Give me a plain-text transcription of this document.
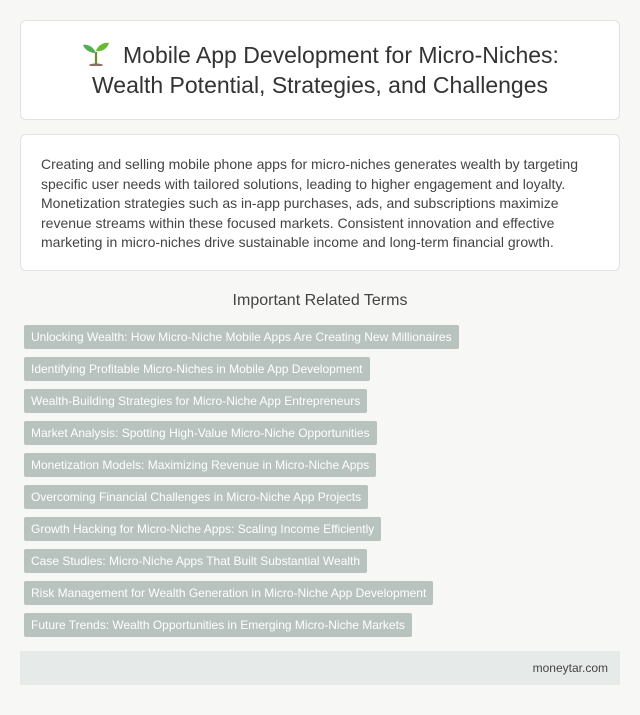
Mobile App Development for Micro-Niches: Wealth Potential, Strategies, and Challenges

Creating and selling mobile phone apps for micro-niches generates wealth by targeting specific user needs with tailored solutions, leading to higher engagement and loyalty. Monetization strategies such as in-app purchases, ads, and subscriptions maximize revenue streams within these focused markets. Consistent innovation and effective marketing in micro-niches drive sustainable income and long-term financial growth.

Important Related Terms
Unlocking Wealth: How Micro-Niche Mobile Apps Are Creating New Millionaires
Identifying Profitable Micro-Niches in Mobile App Development
Wealth-Building Strategies for Micro-Niche App Entrepreneurs
Market Analysis: Spotting High-Value Micro-Niche Opportunities
Monetization Models: Maximizing Revenue in Micro-Niche Apps
Overcoming Financial Challenges in Micro-Niche App Projects
Growth Hacking for Micro-Niche Apps: Scaling Income Efficiently
Case Studies: Micro-Niche Apps That Built Substantial Wealth
Risk Management for Wealth Generation in Micro-Niche App Development
Future Trends: Wealth Opportunities in Emerging Micro-Niche Markets
moneytar.com
